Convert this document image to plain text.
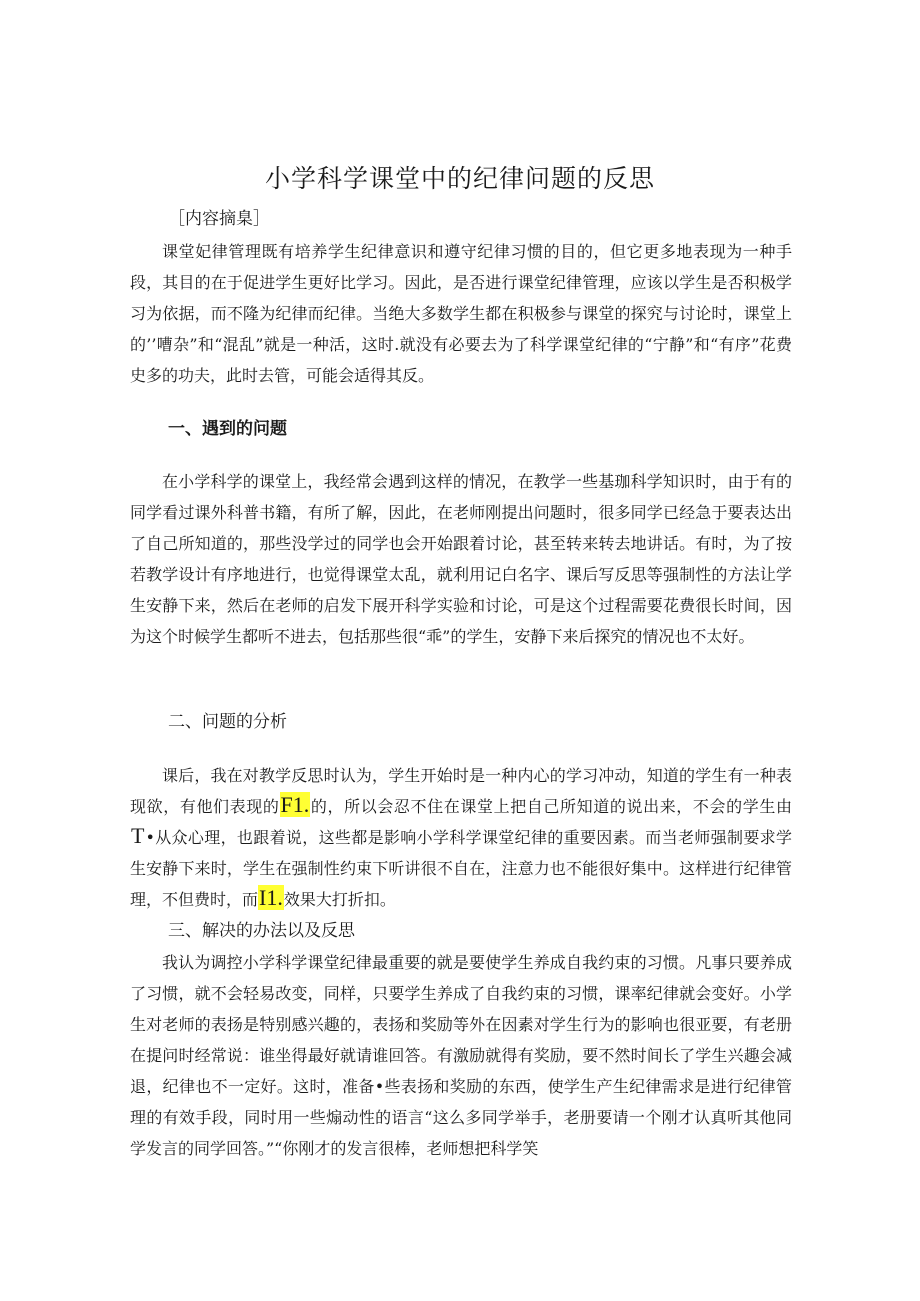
小学科学课堂中的纪律问题的反思

［内容摘臬］

课堂妃律管理既有培养学生纪律意识和遵守纪律习惯的目的，但它更多地表现为一种手段，其目的在于促进学生更好比学习。因此，是否进行课堂纪律管理，应该以学生是否积极学习为依据，而不隆为纪律而纪律。当绝大多数学生都在积极参与课堂的探究与讨论时，课堂上的’’嘈杂”和“混乱”就是一种活，这时.就没有必要去为了科学课堂纪律的“宁静”和“有序”花费史多的功夫，此时去管，可能会适得其反。

一、遇到的问题

在小学科学的课堂上，我经常会遇到这样的情况，在教学一些基珈科学知识时，由于有的同学看过课外科普书籍，有所了解，因此，在老师刚提出问题时，很多同学已经急于要表达出了自己所知道的，那些没学过的同学也会开始跟着讨论，甚至转来转去地讲话。有时，为了按若教学设计有序地进行，也觉得课堂太乱，就利用记白名字、课后写反思等强制性的方法让学生安静下来，然后在老师的启发下展开科学实验和讨论，可是这个过程需要花费很长时间，因为这个时候学生都听不进去，包括那些很“乖”的学生，安静下来后探究的情况也不太好。

二、问题的分析

课后，我在对教学反思时认为，学生开始时是一种内心的学习冲动，知道的学生有一种表现欲，有他们表现的F1.的，所以会忍不住在课堂上把自己所知道的说出来，不会的学生由T•从众心理，也跟着说，这些都是影响小学科学课堂纪律的重要因素。而当老师强制要求学生安静下来时，学生在强制性约束下听讲很不自在，注意力也不能很好集中。这样进行纪律管理，不但费时，而I1.效果大打折扣。

三、解决的办法以及反思

我认为调控小学科学课堂纪律最重要的就是要使学生养成自我约束的习惯。凡事只要养成了习惯，就不会轻易改变，同样，只要学生养成了自我约束的习惯，课率纪律就会变好。小学生对老师的表扬是特别感兴趣的，表扬和奖励等外在因素对学生行为的影响也很亚要，有老册在提问时经常说：谁坐得最好就请谁回答。有激励就得有奖励，要不然时间长了学生兴趣会减退，纪律也不一定好。这时，准备•些表扬和奖励的东西，使学生产生纪律需求是进行纪律管理的有效手段，同时用一些煽动性的语言“这么多同学举手，老册要请一个刚才认真听其他同学发言的同学回答。”“你刚才的发言很棒，老师想把科学笑
